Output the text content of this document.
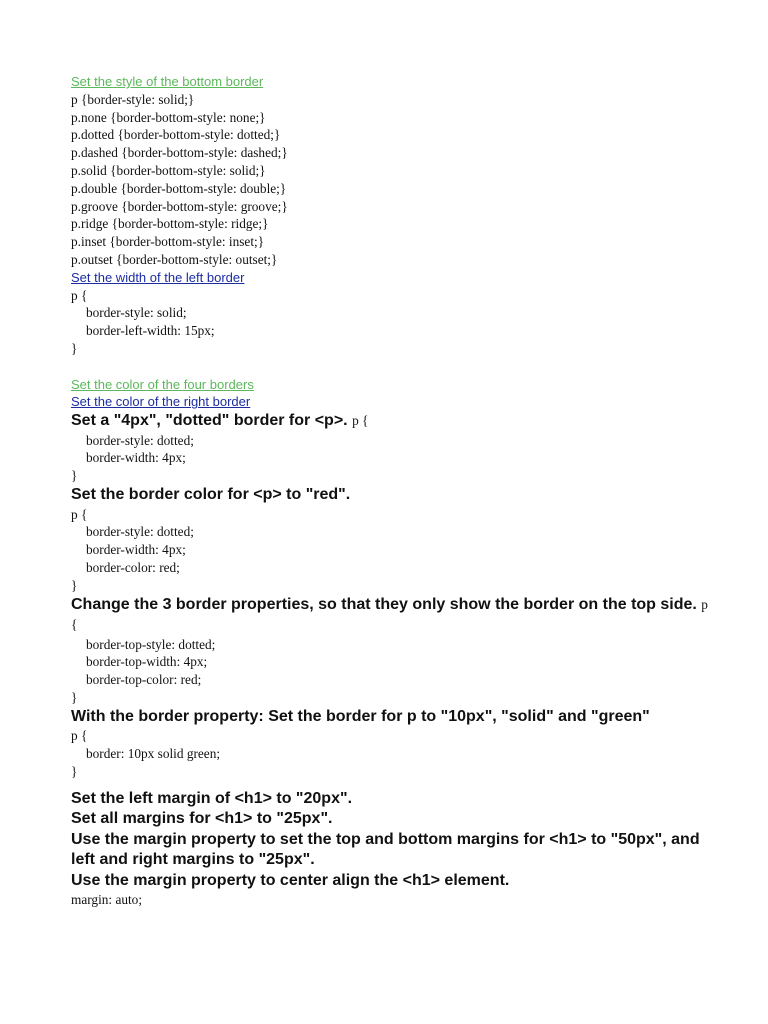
Set the style of the bottom border
p {border-style: solid;}
p.none {border-bottom-style: none;}
p.dotted {border-bottom-style: dotted;}
p.dashed {border-bottom-style: dashed;}
p.solid {border-bottom-style: solid;}
p.double {border-bottom-style: double;}
p.groove {border-bottom-style: groove;}
p.ridge {border-bottom-style: ridge;}
p.inset {border-bottom-style: inset;}
p.outset {border-bottom-style: outset;}
Set the width of the left border
p {
border-style: solid;
border-left-width: 15px;
}
Set the color of the four borders
Set the color of the right border
Set a "4px", "dotted" border for <p>. p {
border-style: dotted;
border-width: 4px;
}
Set the border color for <p> to "red".
p {
border-style: dotted;
border-width: 4px;
border-color: red;
}
Change the 3 border properties, so that they only show the border on the top side. p {
border-top-style: dotted;
border-top-width: 4px;
border-top-color: red;
}
With the border property: Set the border for p to "10px", "solid" and "green"
p {
border: 10px solid green;
}
Set the left margin of <h1> to "20px".
Set all margins for <h1> to "25px".
Use the margin property to set the top and bottom margins for <h1> to "50px", and left and right margins to "25px".
Use the margin property to center align the <h1> element.
margin: auto;
